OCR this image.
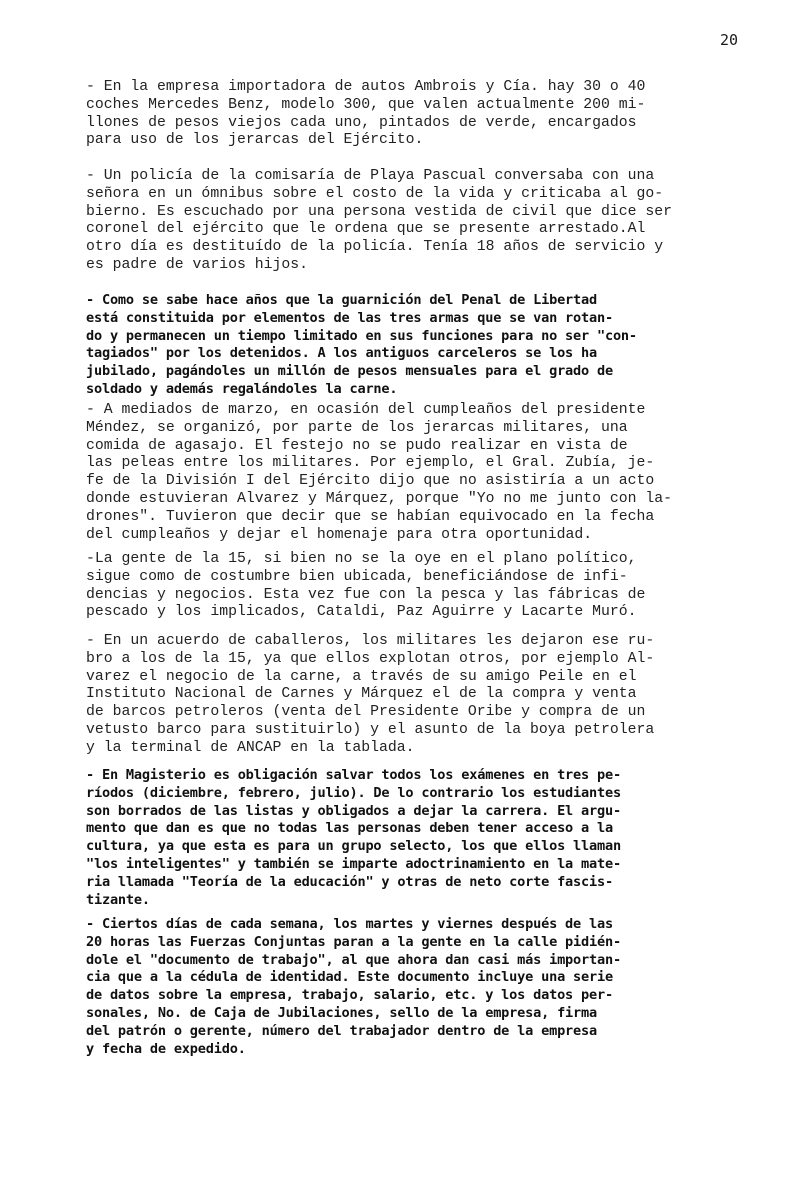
20

- En la empresa importadora de autos Ambrois y Cía. hay 30 o 40
coches Mercedes Benz, modelo 300, que valen actualmente 200 mi-
llones de pesos viejos cada uno, pintados de verde, encargados
para uso de los jerarcas del Ejército.

- Un policía de la comisaría de Playa Pascual conversaba con una
señora en un ómnibus sobre el costo de la vida y criticaba al go-
bierno. Es escuchado por una persona vestida de civil que dice ser
coronel del ejército que le ordena que se presente arrestado.Al
otro día es destituído de la policía. Tenía 18 años de servicio y
es padre de varios hijos.

- Como se sabe hace años que la guarnición del Penal de Libertad
está constituida por elementos de las tres armas que se van rotan-
do y permanecen un tiempo limitado en sus funciones para no ser "con-
tagiados" por los detenidos. A los antiguos carceleros se los ha
jubilado, pagándoles un millón de pesos mensuales para el grado de
soldado y además regalándoles la carne.

- A mediados de marzo, en ocasión del cumpleaños del presidente
Méndez, se organizó, por parte de los jerarcas militares, una
comida de agasajo. El festejo no se pudo realizar en vista de
las peleas entre los militares. Por ejemplo, el Gral. Zubía, je-
fe de la División I del Ejército dijo que no asistiría a un acto
donde estuvieran Alvarez y Márquez, porque "Yo no me junto con la-
drones". Tuvieron que decir que se habían equivocado en la fecha
del cumpleaños y dejar el homenaje para otra oportunidad.

-La gente de la 15, si bien no se la oye en el plano político,
sigue como de costumbre bien ubicada, beneficiándose de infi-
dencias y negocios. Esta vez fue con la pesca y las fábricas de
pescado y los implicados, Cataldi, Paz Aguirre y Lacarte Muró.

- En un acuerdo de caballeros, los militares les dejaron ese ru-
bro a los de la 15, ya que ellos explotan otros, por ejemplo Al-
varez el negocio de la carne, a través de su amigo Peile en el
Instituto Nacional de Carnes y Márquez el de la compra y venta
de barcos petroleros (venta del Presidente Oribe y compra de un
vetusto barco para sustituirlo) y el asunto de la boya petrolera
y la terminal de ANCAP en la tablada.

- En Magisterio es obligación salvar todos los exámenes en tres pe-
ríodos (diciembre, febrero, julio). De lo contrario los estudiantes
son borrados de las listas y obligados a dejar la carrera. El argu-
mento que dan es que no todas las personas deben tener acceso a la
cultura, ya que esta es para un grupo selecto, los que ellos llaman
"los inteligentes" y también se imparte adoctrinamiento en la mate-
ria llamada "Teoría de la educación" y otras de neto corte fascis-
tizante.

- Ciertos días de cada semana, los martes y viernes después de las
20 horas las Fuerzas Conjuntas paran a la gente en la calle pidién-
dole el "documento de trabajo", al que ahora dan casi más importan-
cia que a la cédula de identidad. Este documento incluye una serie
de datos sobre la empresa, trabajo, salario, etc. y los datos per-
sonales, No. de Caja de Jubilaciones, sello de la empresa, firma
del patrón o gerente, número del trabajador dentro de la empresa
y fecha de expedido.
